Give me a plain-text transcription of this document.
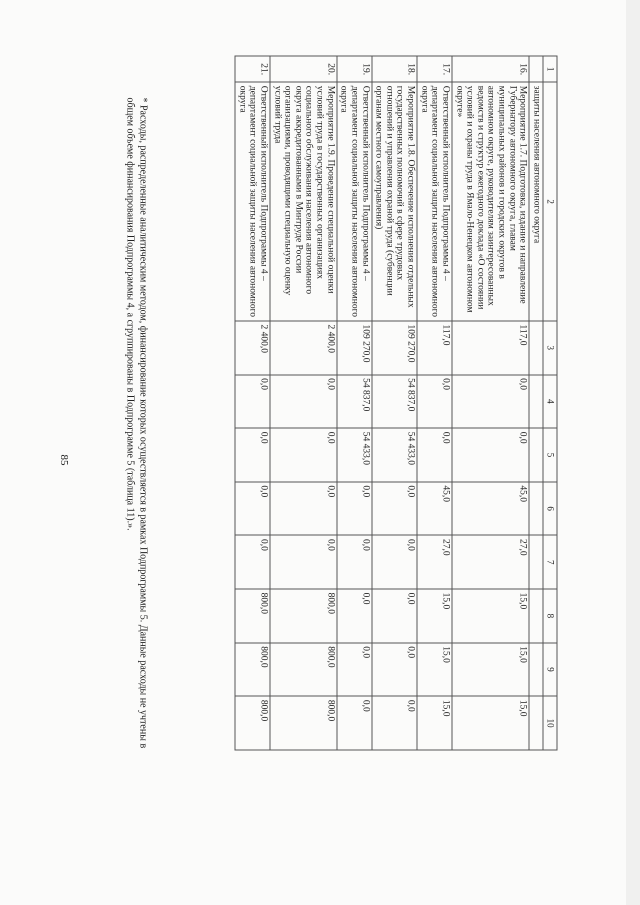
85
1	2	3	4	5	6	7	8	9	10
	защиты населения автономного округа								
16.	Мероприятие 1.7. Подготовка, издание и направление Губернатору автономного округа, главам муниципальных районов и городских округов в автономном округе, руководителям заинтересованных ведомств и структур ежегодного доклада «О состоянии условий и охраны труда в Ямало-Ненецком автономном округе»	117,0	0,0	0,0	45,0	27,0	15,0	15,0	15,0
17.	Ответственный исполнитель Подпрограммы 4 – департамент социальной защиты населения автономного округа	117,0	0,0	0,0	45,0	27,0	15,0	15,0	15,0
18.	Мероприятие 1.8. Обеспечение исполнения отдельных государственных полномочий в сфере трудовых отношений и управления охраной труда (субвенции органам местного самоуправления)	109 270,0	54 837,0	54 433,0	0,0	0,0	0,0	0,0	0,0
19.	Ответственный исполнитель Подпрограммы 4 – департамент социальной защиты населения автономного округа	109 270,0	54 837,0	54 433,0	0,0	0,0	0,0	0,0	0,0
20.	Мероприятие 1.9. Проведение специальной оценки условий труда в государственных организациях социального обслуживания населения автономного округа аккредитованными в Минтруде России организациями, проводящими специальную оценку условий труда	2 400,0	0,0	0,0	0,0	0,0	800,0	800,0	800,0
21.	Ответственный исполнитель Подпрограммы 4 – департамент социальной защиты населения автономного округа	2 400,0	0,0	0,0	0,0	0,0	800,0	800,0	800,0
* Расходы, распределенные аналитическим методом, финансирование которых осуществляется в рамках Подпрограммы 5. Данные расходы не учтены в общем объеме финансирования Подпрограммы 4, а сгруппированы в Подпрограмме 5 (таблица 11).».
